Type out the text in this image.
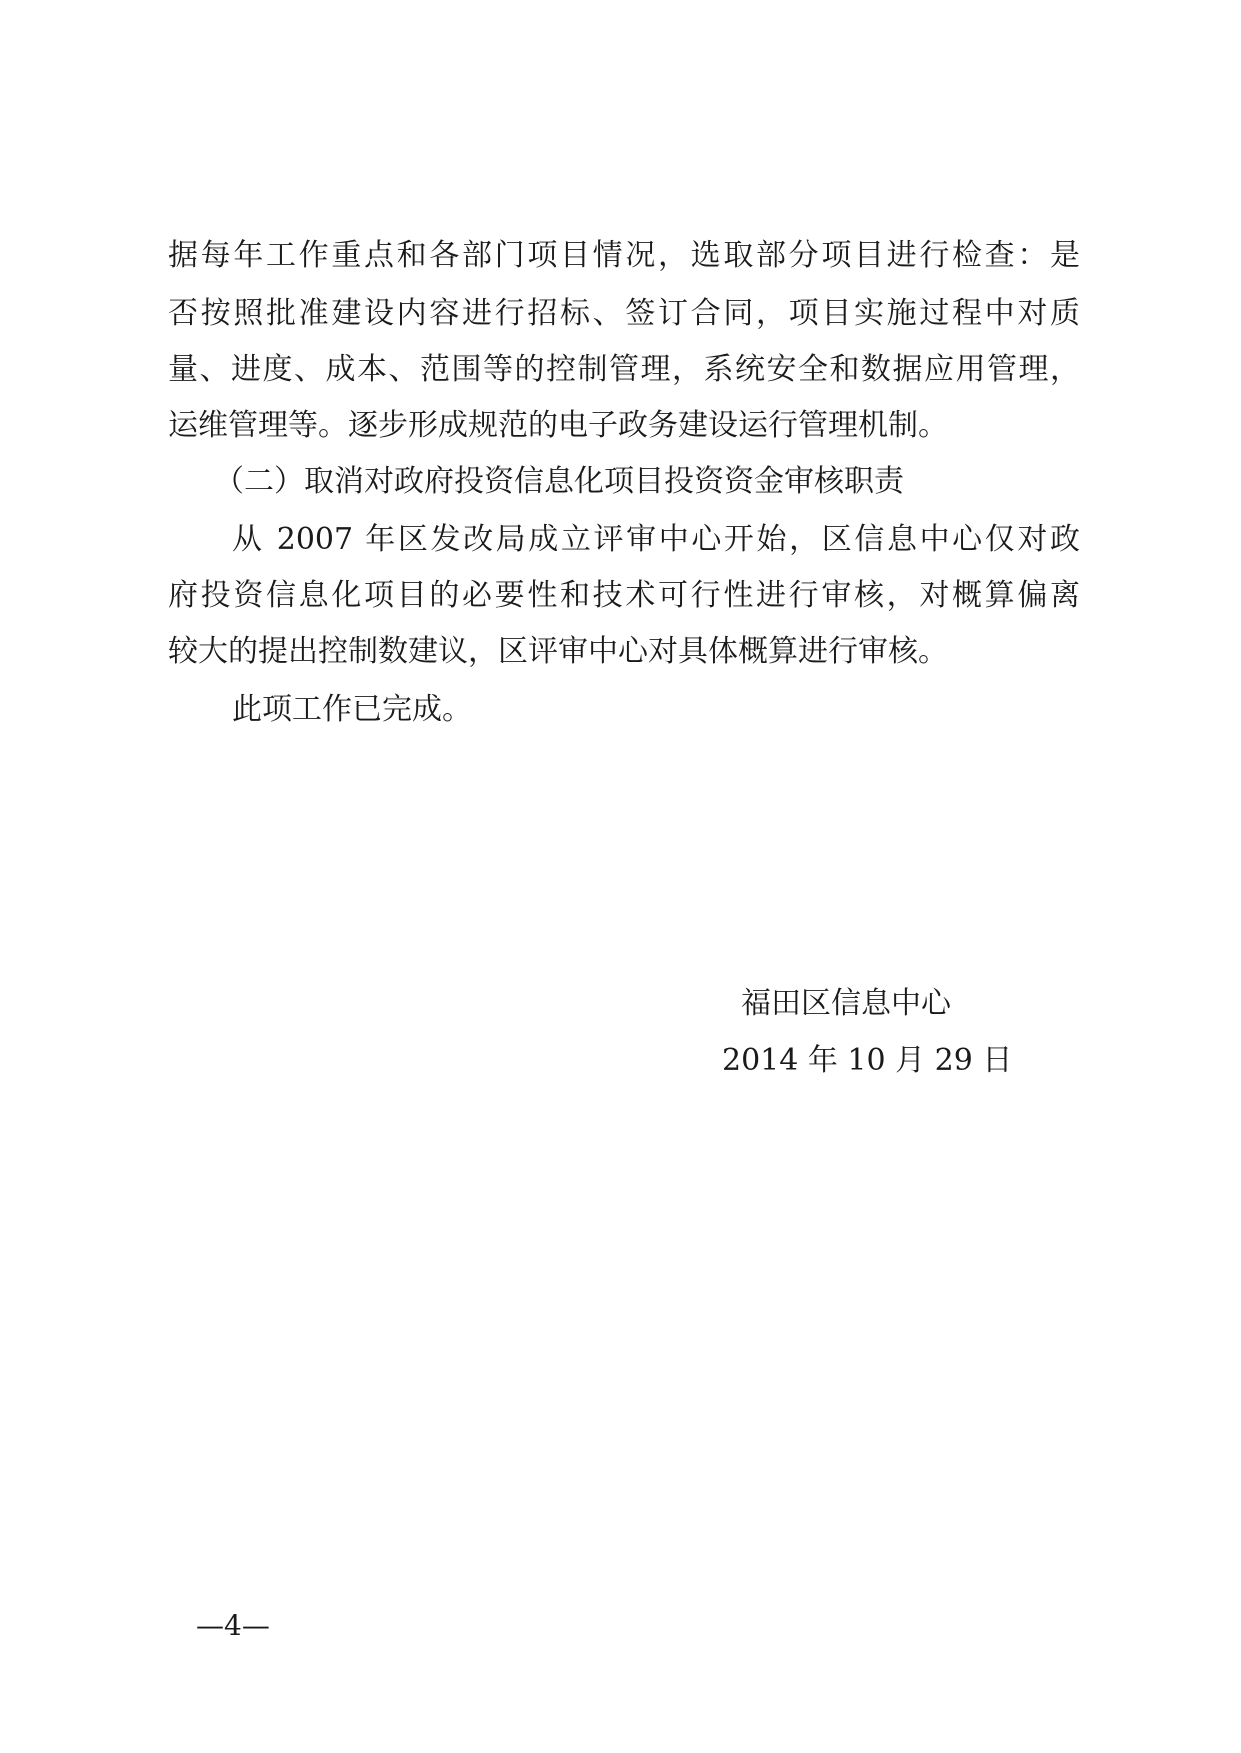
据每年工作重点和各部门项目情况，选取部分项目进行检查：是
否按照批准建设内容进行招标、签订合同，项目实施过程中对质
量、进度、成本、范围等的控制管理，系统安全和数据应用管理，
运维管理等。逐步形成规范的电子政务建设运行管理机制。
（二）取消对政府投资信息化项目投资资金审核职责
从 2007 年区发改局成立评审中心开始，区信息中心仅对政
府投资信息化项目的必要性和技术可行性进行审核，对概算偏离
较大的提出控制数建议，区评审中心对具体概算进行审核。
此项工作已完成。
福田区信息中心
2014 年 10 月 29 日
—4—
